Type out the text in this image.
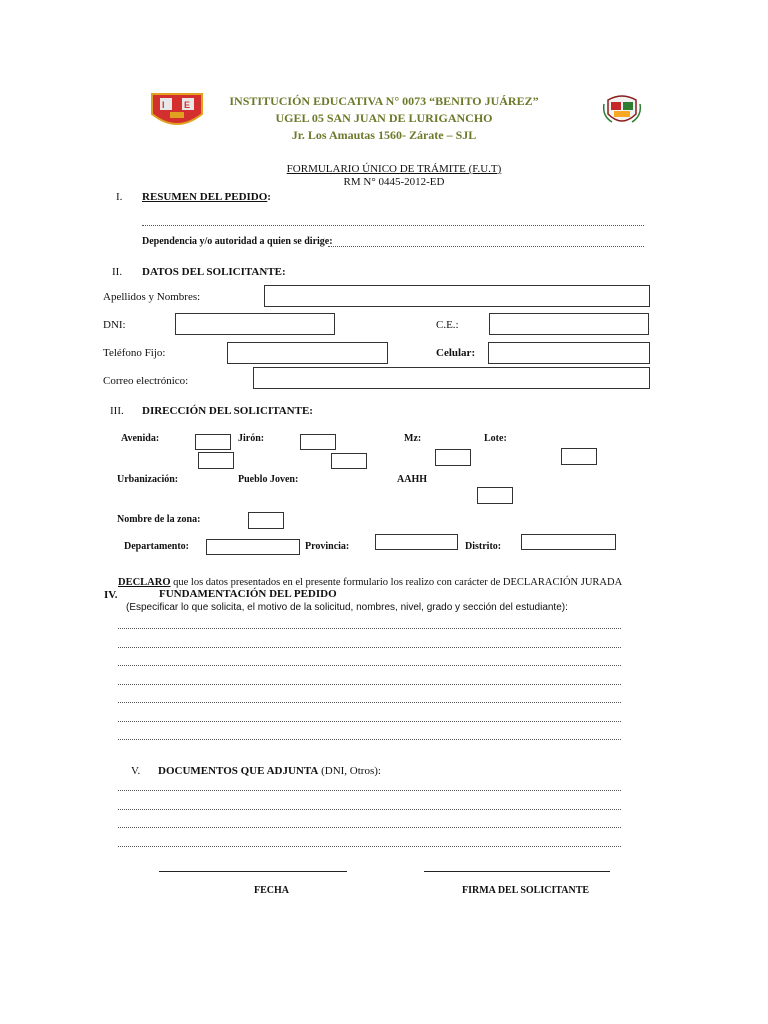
I E	INSTITUCIÓN EDUCATIVA N° 0073 “BENITO JUÁREZ”
UGEL 05 SAN JUAN DE LURIGANCHO
Jr. Los Amautas 1560- Zárate – SJL
FORMULARIO ÚNICO DE TRÁMITE (F.U.T)
RM N° 0445-2012-ED
I. RESUMEN DEL PEDIDO:
Dependencia y/o autoridad a quien se dirige:
II. DATOS DEL SOLICITANTE:
Apellidos y Nombres:
DNI:	C.E.:
Teléfono Fijo:	Celular:
Correo electrónico:
III. DIRECCIÓN DEL SOLICITANTE:
Avenida:	Jirón:	Mz:	Lote:
Urbanización:	Pueblo Joven:	AAHH
Nombre de la zona:
Departamento:	Provincia:	Distrito:
DECLARO que los datos presentados en el presente formulario los realizo con carácter de DECLARACIÓN JURADA
IV.	FUNDAMENTACIÓN DEL PEDIDO
(Especificar lo que solicita, el motivo de la solicitud, nombres, nivel, grado y sección del estudiante):
V. DOCUMENTOS QUE ADJUNTA (DNI, Otros):
FECHA	FIRMA DEL SOLICITANTE
